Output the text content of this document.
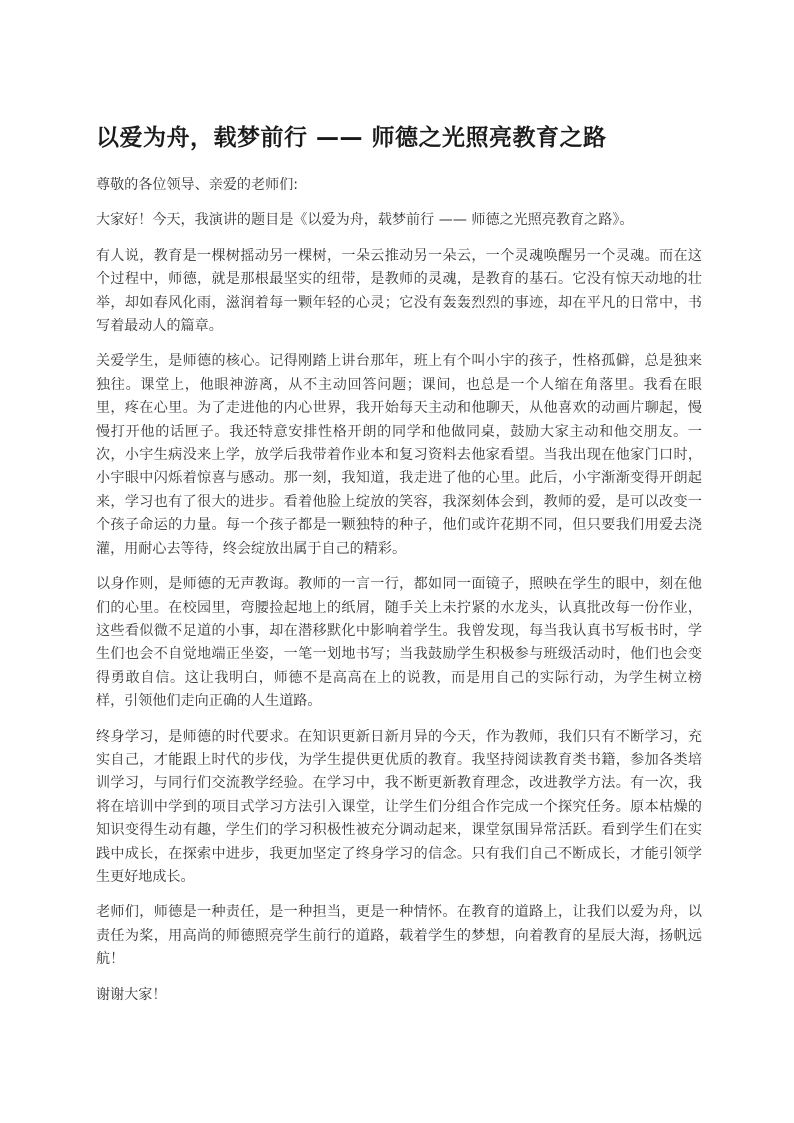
以爱为舟，载梦前行 —— 师德之光照亮教育之路

尊敬的各位领导、亲爱的老师们:

大家好！今天，我演讲的题目是《以爱为舟，载梦前行 —— 师德之光照亮教育之路》。

有人说，教育是一棵树摇动另一棵树，一朵云推动另一朵云，一个灵魂唤醒另一个灵魂。而在这个过程中，师德，就是那根最坚实的纽带，是教师的灵魂，是教育的基石。它没有惊天动地的壮举，却如春风化雨，滋润着每一颗年轻的心灵；它没有轰轰烈烈的事迹，却在平凡的日常中，书写着最动人的篇章。

关爱学生，是师德的核心。记得刚踏上讲台那年，班上有个叫小宇的孩子，性格孤僻，总是独来独往。课堂上，他眼神游离，从不主动回答问题；课间，也总是一个人缩在角落里。我看在眼里，疼在心里。为了走进他的内心世界，我开始每天主动和他聊天，从他喜欢的动画片聊起，慢慢打开他的话匣子。我还特意安排性格开朗的同学和他做同桌，鼓励大家主动和他交朋友。一次，小宇生病没来上学，放学后我带着作业本和复习资料去他家看望。当我出现在他家门口时，小宇眼中闪烁着惊喜与感动。那一刻，我知道，我走进了他的心里。此后，小宇渐渐变得开朗起来，学习也有了很大的进步。看着他脸上绽放的笑容，我深刻体会到，教师的爱，是可以改变一个孩子命运的力量。每一个孩子都是一颗独特的种子，他们或许花期不同，但只要我们用爱去浇灌，用耐心去等待，终会绽放出属于自己的精彩。

以身作则，是师德的无声教诲。教师的一言一行，都如同一面镜子，照映在学生的眼中，刻在他们的心里。在校园里，弯腰捡起地上的纸屑，随手关上未拧紧的水龙头，认真批改每一份作业，这些看似微不足道的小事，却在潜移默化中影响着学生。我曾发现，每当我认真书写板书时，学生们也会不自觉地端正坐姿，一笔一划地书写；当我鼓励学生积极参与班级活动时，他们也会变得勇敢自信。这让我明白，师德不是高高在上的说教，而是用自己的实际行动，为学生树立榜样，引领他们走向正确的人生道路。

终身学习，是师德的时代要求。在知识更新日新月异的今天，作为教师，我们只有不断学习，充实自己，才能跟上时代的步伐，为学生提供更优质的教育。我坚持阅读教育类书籍，参加各类培训学习，与同行们交流教学经验。在学习中，我不断更新教育理念，改进教学方法。有一次，我将在培训中学到的项目式学习方法引入课堂，让学生们分组合作完成一个探究任务。原本枯燥的知识变得生动有趣，学生们的学习积极性被充分调动起来，课堂氛围异常活跃。看到学生们在实践中成长，在探索中进步，我更加坚定了终身学习的信念。只有我们自己不断成长，才能引领学生更好地成长。

老师们，师德是一种责任，是一种担当，更是一种情怀。在教育的道路上，让我们以爱为舟，以责任为桨，用高尚的师德照亮学生前行的道路，载着学生的梦想，向着教育的星辰大海，扬帆远航！

谢谢大家！
